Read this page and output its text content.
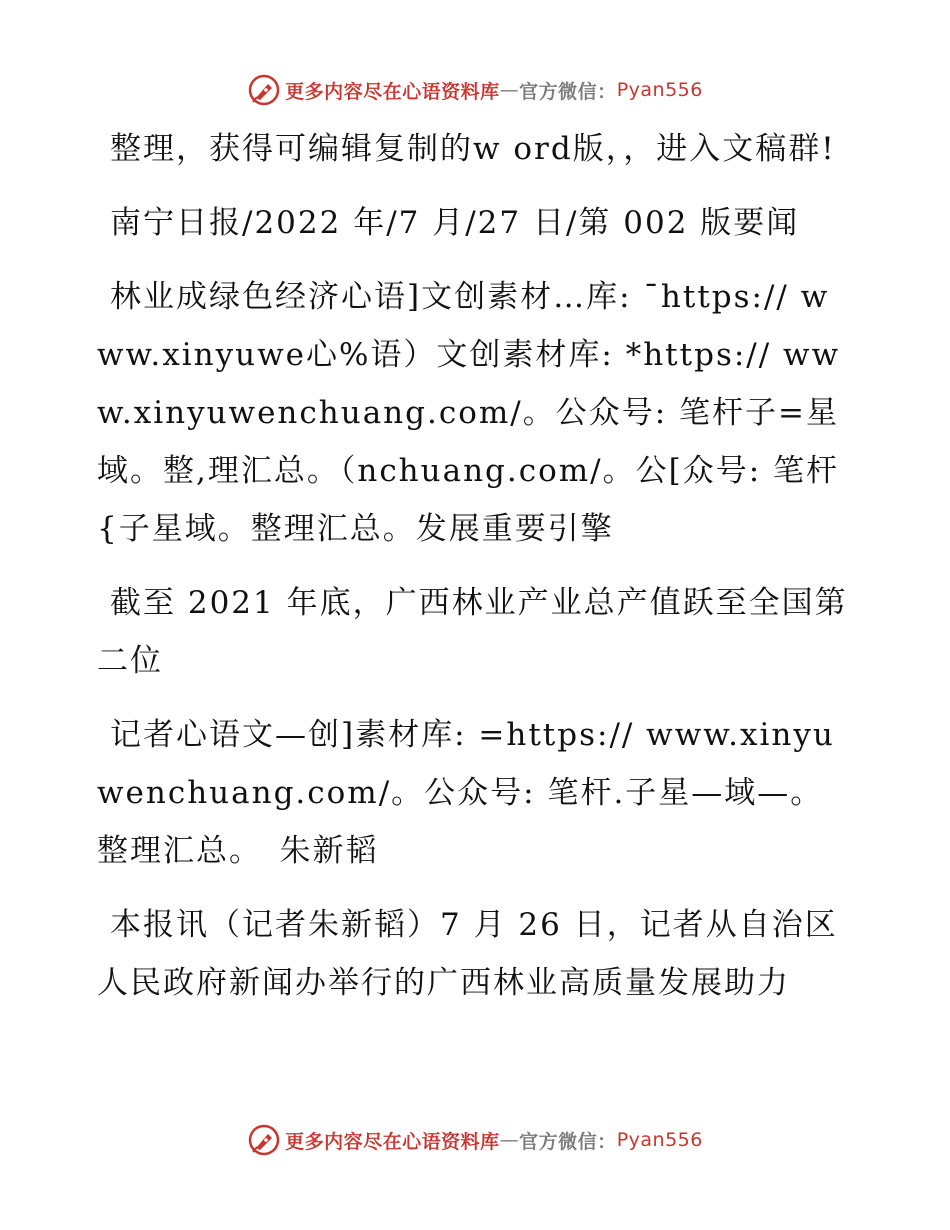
更多内容尽在心语资料库 — 官方微信： Pyan556

整理，获得可编辑复制的w ord版，，进入文稿群!

南宁日报/2022 年/7 月/27 日/第 002 版要闻

林业成绿色经济心语]文创素材…库: ¯https:// www.xinyuwe心%语）文创素材库: *https:// www.xinyuwenchuang.com/。公众号: 笔杆子=星域。整,理汇总。（nchuang.com/。公[众号: 笔杆{子星域。整理汇总。发展重要引擎

截至 2021 年底，广西林业产业总产值跃至全国第二位

记者心语文—创]素材库: =https:// www.xinyuwenchuang.com/。公众号: 笔杆.子星—域—。整理汇总。　朱新韬

本报讯（记者朱新韬）7 月 26 日，记者从自治区人民政府新闻办举行的广西林业高质量发展助力

更多内容尽在心语资料库 — 官方微信： Pyan556
